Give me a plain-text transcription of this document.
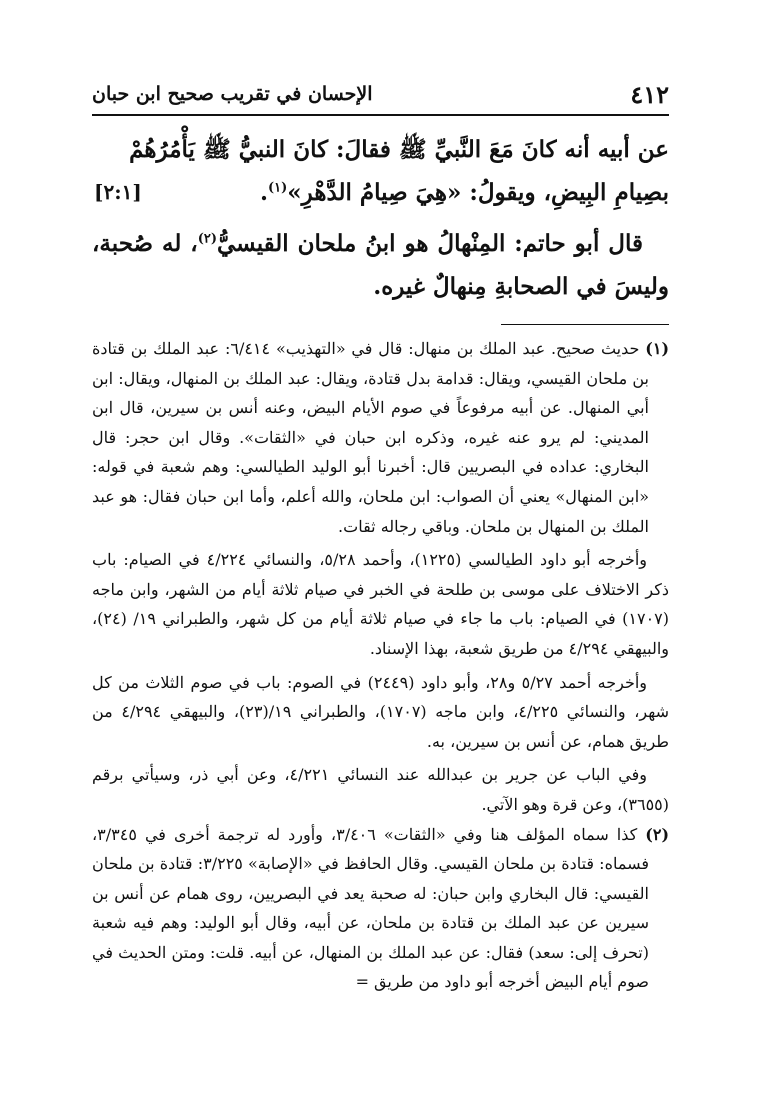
٤١٢
الإحسان في تقريب صحيح ابن حبان

عن أبيه أنه كانَ مَعَ النَّبيِّ ﷺ فقالَ: كانَ النبيُّ ﷺ يَأْمُرُهُمْ

بصِيامِ البِيضِ، ويقولُ: «هِيَ صِيامُ الدَّهْرِ»$^{(١)}$.
[٢:١]

قال أبو حاتم: المِنْهالُ هو ابنُ ملحان القيسيُّ$^{(٢)}$، له صُحبة، وليسَ في الصحابةِ مِنهالٌ غيره.

(١) حديث صحيح. عبد الملك بن منهال: قال في «التهذيب» ٦/٤١٤: عبد الملك بن قتادة بن ملحان القيسي، ويقال: قدامة بدل قتادة، ويقال: عبد الملك بن المنهال، ويقال: ابن أبي المنهال. عن أبيه مرفوعاً في صوم الأيام البيض، وعنه أنس بن سيرين، قال ابن المديني: لم يرو عنه غيره، وذكره ابن حبان في «الثقات». وقال ابن حجر: قال البخاري: عداده في البصريين قال: أخبرنا أبو الوليد الطيالسي: وهم شعبة في قوله: «ابن المنهال» يعني أن الصواب: ابن ملحان، والله أعلم، وأما ابن حبان فقال: هو عبد الملك بن المنهال بن ملحان. وباقي رجاله ثقات.

وأخرجه أبو داود الطيالسي (١٢٢٥)، وأحمد ٥/٢٨، والنسائي ٤/٢٢٤ في الصيام: باب ذكر الاختلاف على موسى بن طلحة في الخبر في صيام ثلاثة أيام من الشهر، وابن ماجه (١٧٠٧) في الصيام: باب ما جاء في صيام ثلاثة أيام من كل شهر، والطبراني ١٩/ (٢٤)، والبيهقي ٤/٢٩٤ من طريق شعبة، بهذا الإسناد.

وأخرجه أحمد ٥/٢٧ و٢٨، وأبو داود (٢٤٤٩) في الصوم: باب في صوم الثلاث من كل شهر، والنسائي ٤/٢٢٥، وابن ماجه (١٧٠٧)، والطبراني ١٩/(٢٣)، والبيهقي ٤/٢٩٤ من طريق همام، عن أنس بن سيرين، به.

وفي الباب عن جرير بن عبدالله عند النسائي ٤/٢٢١، وعن أبي ذر، وسيأتي برقم (٣٦٥٥)، وعن قرة وهو الآتي.

(٢) كذا سماه المؤلف هنا وفي «الثقات» ٣/٤٠٦، وأورد له ترجمة أخرى في ٣/٣٤٥، فسماه: قتادة بن ملحان القيسي. وقال الحافظ في «الإصابة» ٣/٢٢٥: قتادة بن ملحان القيسي: قال البخاري وابن حبان: له صحبة يعد في البصريين، روى همام عن أنس بن سيرين عن عبد الملك بن قتادة بن ملحان، عن أبيه، وقال أبو الوليد: وهم فيه شعبة (تحرف إلى: سعد) فقال: عن عبد الملك بن المنهال، عن أبيه. قلت: ومتن الحديث في صوم أيام البيض أخرجه أبو داود من طريق =
